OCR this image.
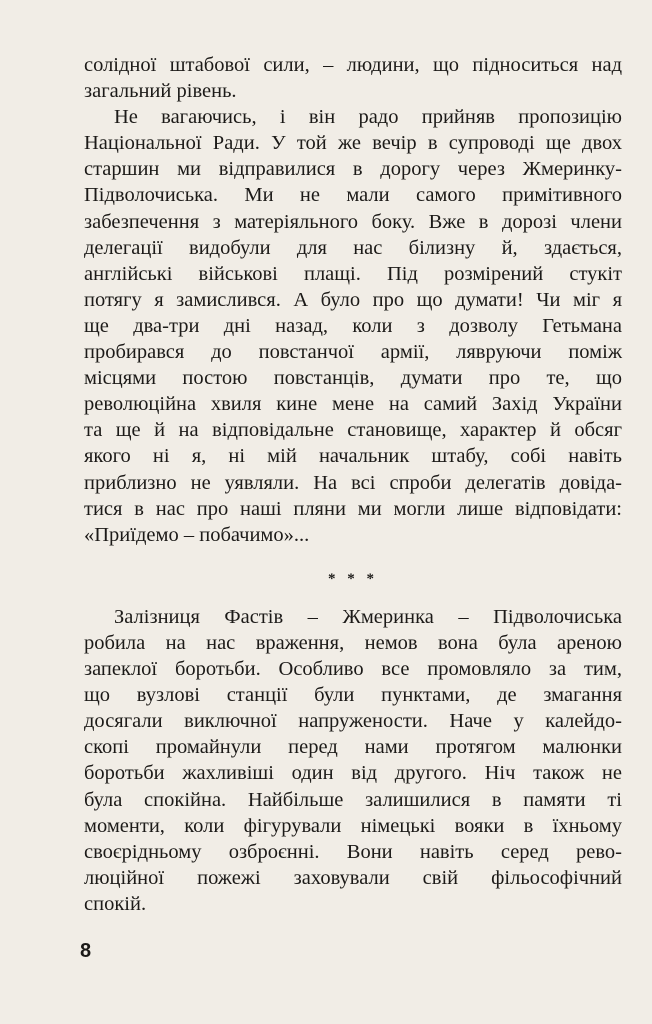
солідної штабової сили, – людини, що підноситься над
загальний рівень.
Не вагаючись, і він радо прийняв пропозицію
Національної Ради. У той же вечір в супроводі ще двох
старшин ми відправилися в дорогу через Жмеринку-
Підволочиська. Ми не мали самого примітивного
забезпечення з матеріяльного боку. Вже в дорозі члени
делегації видобули для нас білизну й, здається,
англійські військові плащі. Під розмірений стукіт
потягу я замислився. А було про що думати! Чи міг я
ще два-три дні назад, коли з дозволу Гетьмана
пробирався до повстанчої армії, лявруючи поміж
місцями постою повстанців, думати про те, що
революційна хвиля кине мене на самий Захід України
та ще й на відповідальне становище, характер й обсяг
якого ні я, ні мій начальник штабу, собі навіть
приблизно не уявляли. На всі спроби делегатів довіда-
тися в нас про наші пляни ми могли лише відповідати:
«Приїдемо – побачимо»...
* * *
Залізниця Фастів – Жмеринка – Підволочиська
робила на нас враження, немов вона була ареною
запеклої боротьби. Особливо все промовляло за тим,
що вузлові станції були пунктами, де змагання
досягали виключної напружености. Наче у калейдо-
скопі промайнули перед нами протягом малюнки
боротьби жахливіші один від другого. Ніч також не
була спокійна. Найбільше залишилися в памяти ті
моменти, коли фігурували німецькі вояки в їхньому
своєрідньому озброєнні. Вони навіть серед рево-
люційної пожежі заховували свій фільософічний
спокій.
8
